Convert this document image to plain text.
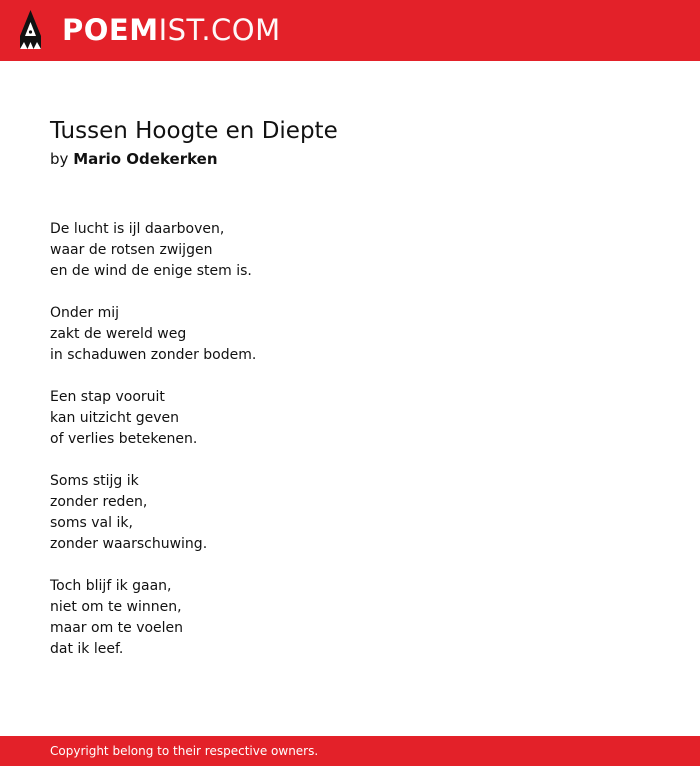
POEMIST.COM
Tussen Hoogte en Diepte
by Mario Odekerken
De lucht is ijl daarboven,
waar de rotsen zwijgen
en de wind de enige stem is.
Onder mij
zakt de wereld weg
in schaduwen zonder bodem.
Een stap vooruit
kan uitzicht geven
of verlies betekenen.
Soms stijg ik
zonder reden,
soms val ik,
zonder waarschuwing.
Toch blijf ik gaan,
niet om te winnen,
maar om te voelen
dat ik leef.
Copyright belong to their respective owners.
